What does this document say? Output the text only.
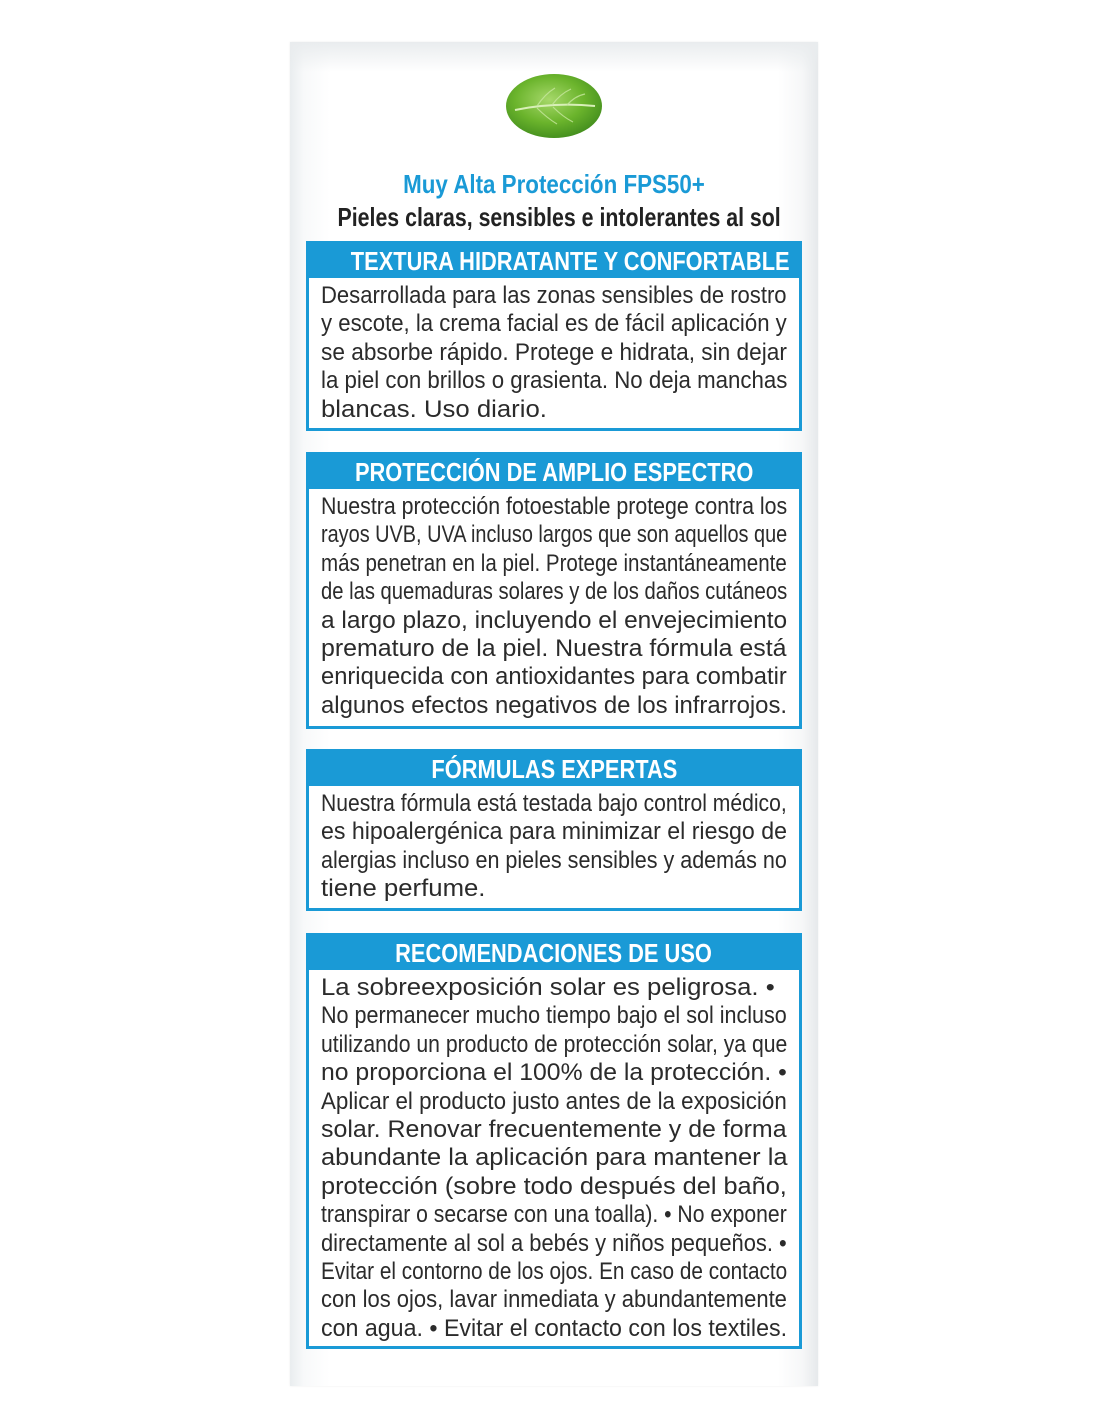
Muy Alta Protección FPS50+
Pieles claras, sensibles e intolerantes al sol
TEXTURA HIDRATANTE Y CONFORTABLE
Desarrollada para las zonas sensibles de rostro
y escote, la crema facial es de fácil aplicación y
se absorbe rápido. Protege e hidrata, sin dejar
la piel con brillos o grasienta. No deja manchas
blancas. Uso diario.
PROTECCIÓN DE AMPLIO ESPECTRO
Nuestra protección fotoestable protege contra los
rayos UVB, UVA incluso largos que son aquellos que
más penetran en la piel. Protege instantáneamente
de las quemaduras solares y de los daños cutáneos
a largo plazo, incluyendo el envejecimiento
prematuro de la piel. Nuestra fórmula está
enriquecida con antioxidantes para combatir
algunos efectos negativos de los infrarrojos.
FÓRMULAS EXPERTAS
Nuestra fórmula está testada bajo control médico,
es hipoalergénica para minimizar el riesgo de
alergias incluso en pieles sensibles y además no
tiene perfume.
RECOMENDACIONES DE USO
La sobreexposición solar es peligrosa. •
No permanecer mucho tiempo bajo el sol incluso
utilizando un producto de protección solar, ya que
no proporciona el 100% de la protección. •
Aplicar el producto justo antes de la exposición
solar. Renovar frecuentemente y de forma
abundante la aplicación para mantener la
protección (sobre todo después del baño,
transpirar o secarse con una toalla). • No exponer
directamente al sol a bebés y niños pequeños. •
Evitar el contorno de los ojos. En caso de contacto
con los ojos, lavar inmediata y abundantemente
con agua. • Evitar el contacto con los textiles.
